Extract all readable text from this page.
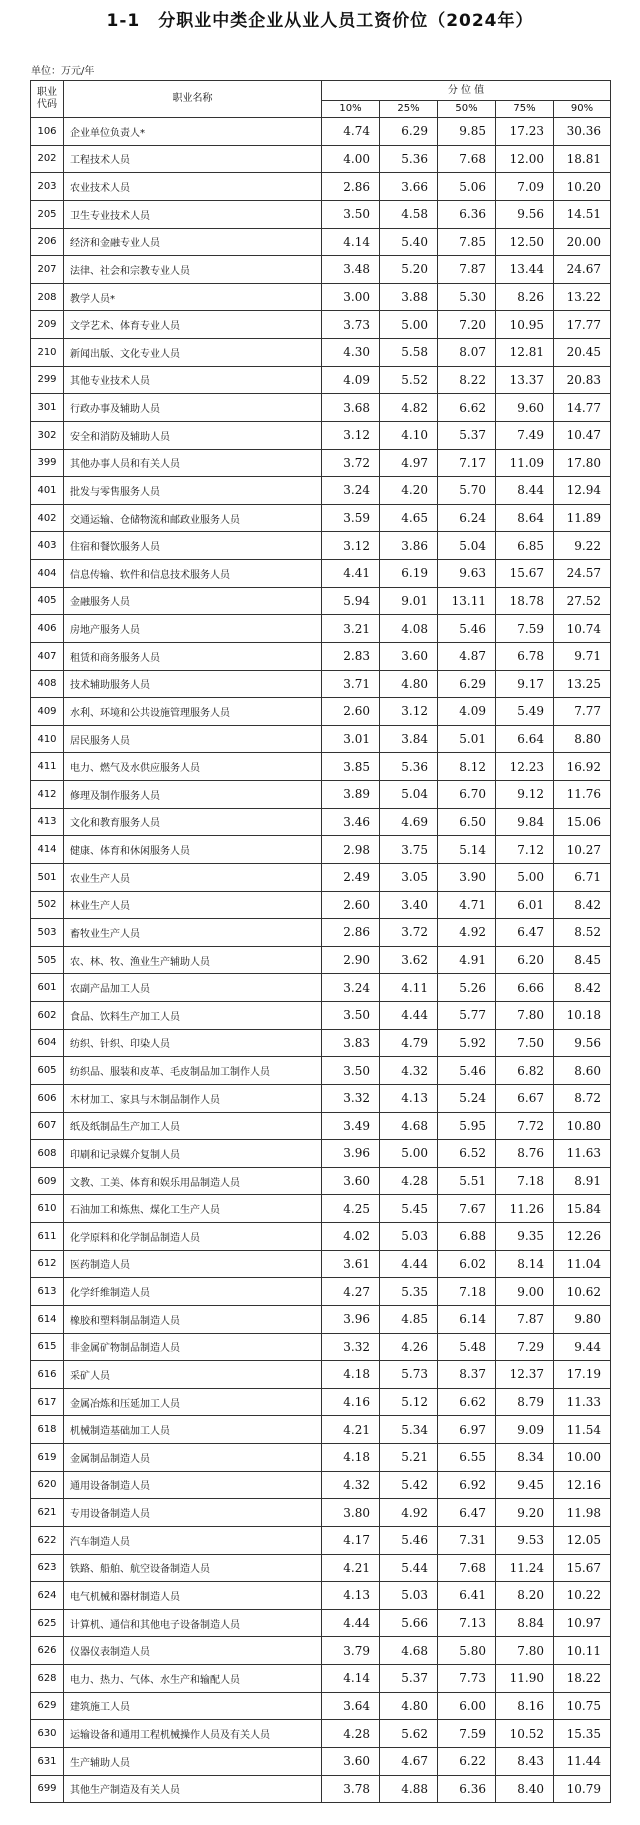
1-1　分职业中类企业从业人员工资价位（2024年）
单位：万元/年
职业代码	职业名称	分 位 值				
		10%	25%	50%	75%	90%
106	企业单位负责人*	4.74	6.29	9.85	17.23	30.36
202	工程技术人员	4.00	5.36	7.68	12.00	18.81
203	农业技术人员	2.86	3.66	5.06	7.09	10.20
205	卫生专业技术人员	3.50	4.58	6.36	9.56	14.51
206	经济和金融专业人员	4.14	5.40	7.85	12.50	20.00
207	法律、社会和宗教专业人员	3.48	5.20	7.87	13.44	24.67
208	教学人员*	3.00	3.88	5.30	8.26	13.22
209	文学艺术、体育专业人员	3.73	5.00	7.20	10.95	17.77
210	新闻出版、文化专业人员	4.30	5.58	8.07	12.81	20.45
299	其他专业技术人员	4.09	5.52	8.22	13.37	20.83
301	行政办事及辅助人员	3.68	4.82	6.62	9.60	14.77
302	安全和消防及辅助人员	3.12	4.10	5.37	7.49	10.47
399	其他办事人员和有关人员	3.72	4.97	7.17	11.09	17.80
401	批发与零售服务人员	3.24	4.20	5.70	8.44	12.94
402	交通运输、仓储物流和邮政业服务人员	3.59	4.65	6.24	8.64	11.89
403	住宿和餐饮服务人员	3.12	3.86	5.04	6.85	9.22
404	信息传输、软件和信息技术服务人员	4.41	6.19	9.63	15.67	24.57
405	金融服务人员	5.94	9.01	13.11	18.78	27.52
406	房地产服务人员	3.21	4.08	5.46	7.59	10.74
407	租赁和商务服务人员	2.83	3.60	4.87	6.78	9.71
408	技术辅助服务人员	3.71	4.80	6.29	9.17	13.25
409	水利、环境和公共设施管理服务人员	2.60	3.12	4.09	5.49	7.77
410	居民服务人员	3.01	3.84	5.01	6.64	8.80
411	电力、燃气及水供应服务人员	3.85	5.36	8.12	12.23	16.92
412	修理及制作服务人员	3.89	5.04	6.70	9.12	11.76
413	文化和教育服务人员	3.46	4.69	6.50	9.84	15.06
414	健康、体育和休闲服务人员	2.98	3.75	5.14	7.12	10.27
501	农业生产人员	2.49	3.05	3.90	5.00	6.71
502	林业生产人员	2.60	3.40	4.71	6.01	8.42
503	畜牧业生产人员	2.86	3.72	4.92	6.47	8.52
505	农、林、牧、渔业生产辅助人员	2.90	3.62	4.91	6.20	8.45
601	农副产品加工人员	3.24	4.11	5.26	6.66	8.42
602	食品、饮料生产加工人员	3.50	4.44	5.77	7.80	10.18
604	纺织、针织、印染人员	3.83	4.79	5.92	7.50	9.56
605	纺织品、服装和皮革、毛皮制品加工制作人员	3.50	4.32	5.46	6.82	8.60
606	木材加工、家具与木制品制作人员	3.32	4.13	5.24	6.67	8.72
607	纸及纸制品生产加工人员	3.49	4.68	5.95	7.72	10.80
608	印刷和记录媒介复制人员	3.96	5.00	6.52	8.76	11.63
609	文教、工美、体育和娱乐用品制造人员	3.60	4.28	5.51	7.18	8.91
610	石油加工和炼焦、煤化工生产人员	4.25	5.45	7.67	11.26	15.84
611	化学原料和化学制品制造人员	4.02	5.03	6.88	9.35	12.26
612	医药制造人员	3.61	4.44	6.02	8.14	11.04
613	化学纤维制造人员	4.27	5.35	7.18	9.00	10.62
614	橡胶和塑料制品制造人员	3.96	4.85	6.14	7.87	9.80
615	非金属矿物制品制造人员	3.32	4.26	5.48	7.29	9.44
616	采矿人员	4.18	5.73	8.37	12.37	17.19
617	金属冶炼和压延加工人员	4.16	5.12	6.62	8.79	11.33
618	机械制造基础加工人员	4.21	5.34	6.97	9.09	11.54
619	金属制品制造人员	4.18	5.21	6.55	8.34	10.00
620	通用设备制造人员	4.32	5.42	6.92	9.45	12.16
621	专用设备制造人员	3.80	4.92	6.47	9.20	11.98
622	汽车制造人员	4.17	5.46	7.31	9.53	12.05
623	铁路、船舶、航空设备制造人员	4.21	5.44	7.68	11.24	15.67
624	电气机械和器材制造人员	4.13	5.03	6.41	8.20	10.22
625	计算机、通信和其他电子设备制造人员	4.44	5.66	7.13	8.84	10.97
626	仪器仪表制造人员	3.79	4.68	5.80	7.80	10.11
628	电力、热力、气体、水生产和输配人员	4.14	5.37	7.73	11.90	18.22
629	建筑施工人员	3.64	4.80	6.00	8.16	10.75
630	运输设备和通用工程机械操作人员及有关人员	4.28	5.62	7.59	10.52	15.35
631	生产辅助人员	3.60	4.67	6.22	8.43	11.44
699	其他生产制造及有关人员	3.78	4.88	6.36	8.40	10.79
